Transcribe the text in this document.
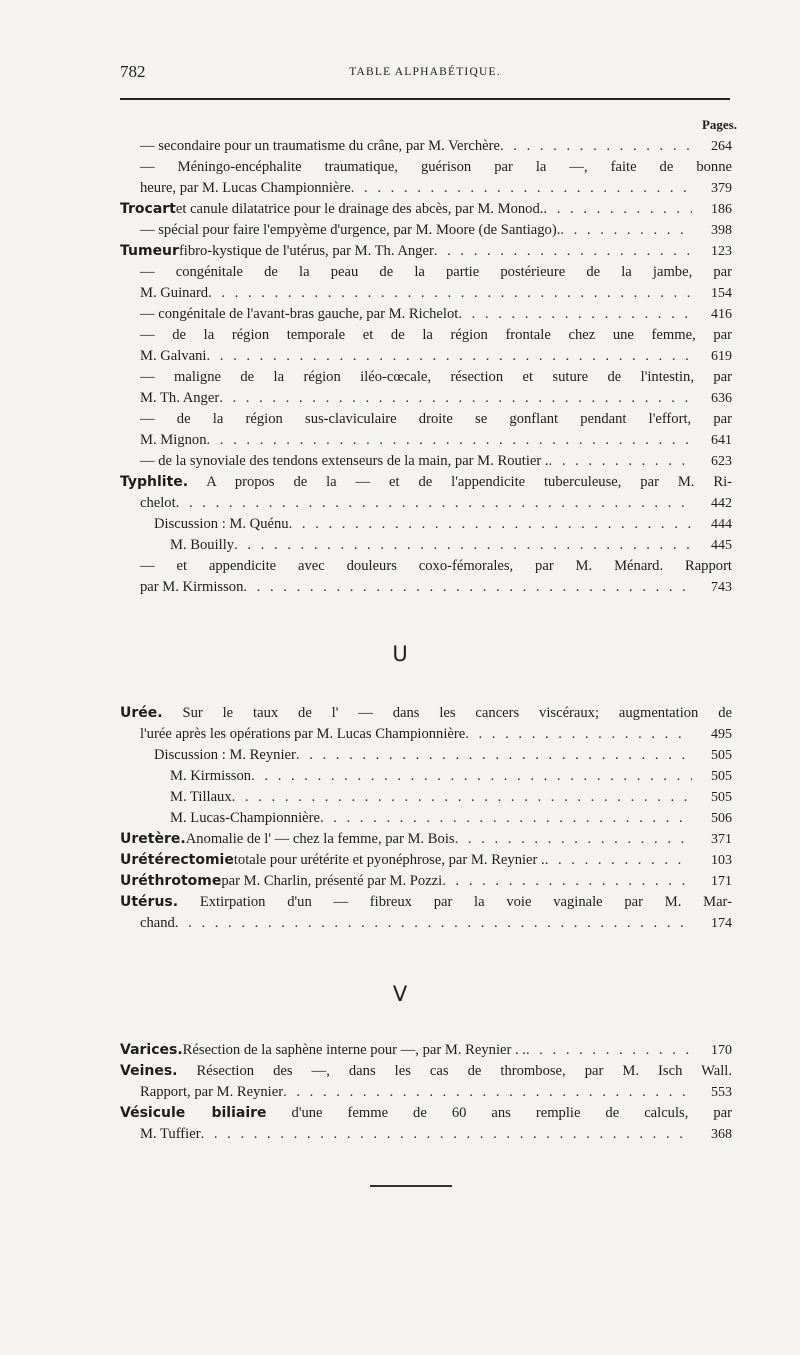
782	TABLE ALPHABÉTIQUE.
Pages.
— secondaire pour un traumatisme du crâne, par M. Verchère . . .	264
— Méningo-encéphalite traumatique, guérison par la —, faite de bonne
heure, par M. Lucas Championnière . . .	379
Trocart et canule dilatatrice pour le drainage des abcès, par M. Monod. . . .	186
— spécial pour faire l'empyème d'urgence, par M. Moore (de Santiago). . . .	398
Tumeur fibro-kystique de l'utérus, par M. Th. Anger . . .	123
— congénitale de la peau de la partie postérieure de la jambe, par
M. Guinard . . .	154
— congénitale de l'avant-bras gauche, par M. Richelot . . .	416
— de la région temporale et de la région frontale chez une femme, par
M. Galvani . . .	619
— maligne de la région iléo-cœcale, résection et suture de l'intestin, par
M. Th. Anger . . .	636
— de la région sus-claviculaire droite se gonflant pendant l'effort, par
M. Mignon . . .	641
— de la synoviale des tendons extenseurs de la main, par M. Routier . . . .	623
Typhlite. A propos de la — et de l'appendicite tuberculeuse, par M. Ri-
chelot . . .	442
Discussion : M. Quénu . . .	444
M. Bouilly . . .	445
— et appendicite avec douleurs coxo-fémorales, par M. Ménard. Rapport
par M. Kirmisson . . .	743
U
Urée. Sur le taux de l' — dans les cancers viscéraux; augmentation de
l'urée après les opérations par M. Lucas Championnière . . .	495
Discussion : M. Reynier . . .	505
M. Kirmisson . . .	505
M. Tillaux . . .	505
M. Lucas-Championnière . . .	506
Uretère. Anomalie de l' — chez la femme, par M. Bois . . .	371
Urétérectomie totale pour urétérite et pyonéphrose, par M. Reynier . . . .	103
Uréthrotome par M. Charlin, présenté par M. Pozzi . . .	171
Utérus. Extirpation d'un — fibreux par la voie vaginale par M. Mar-
chand . . .	174
V
Varices. Résection de la saphène interne pour —, par M. Reynier . . . . .	170
Veines. Résection des —, dans les cas de thrombose, par M. Isch Wall.
Rapport, par M. Reynier . . .	553
Vésicule biliaire d'une femme de 60 ans remplie de calculs, par
M. Tuffier . . .	368
